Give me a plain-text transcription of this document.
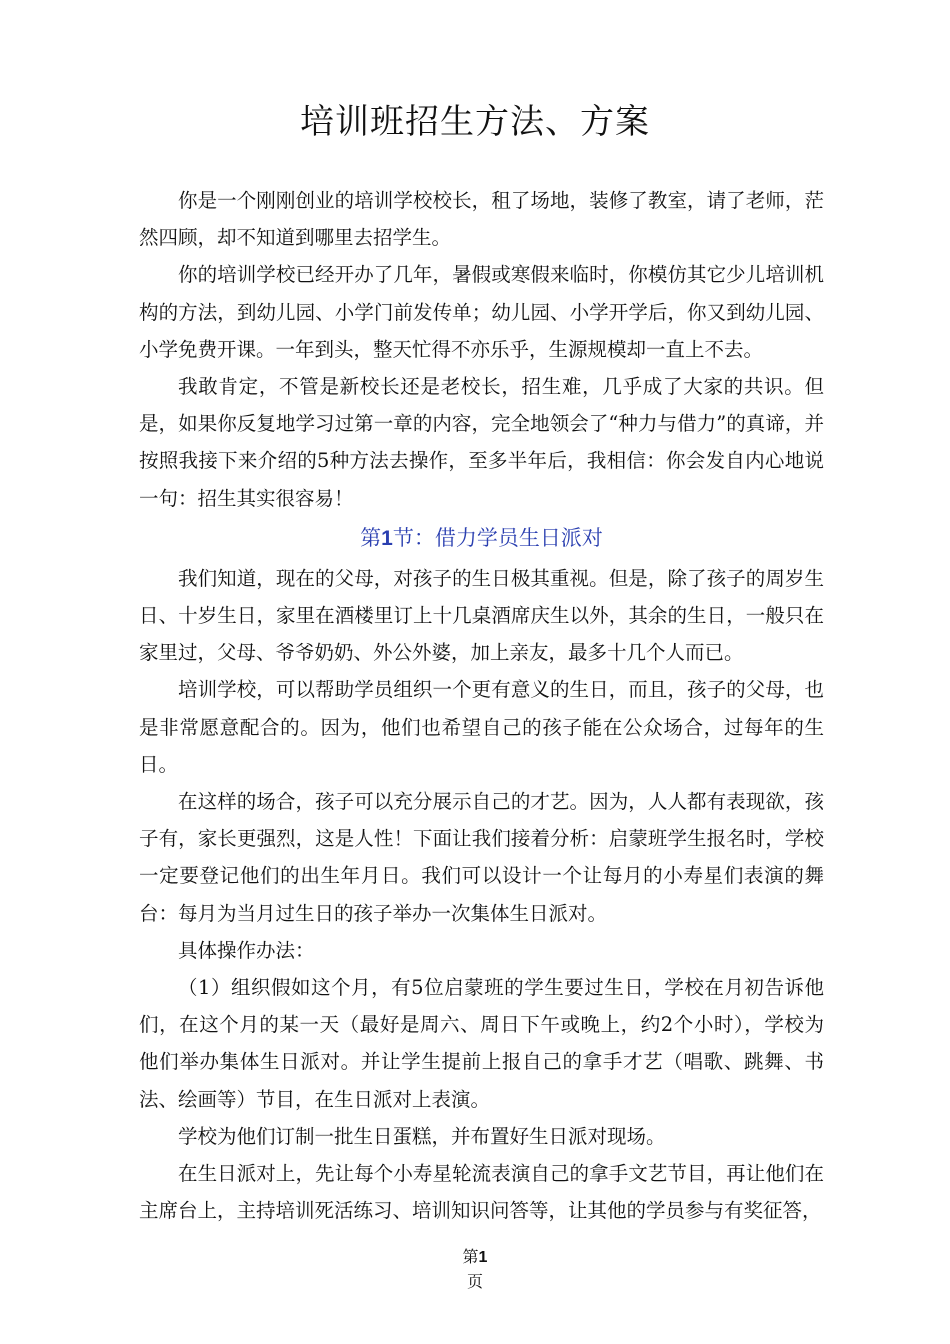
培训班招生方法、方案

你是一个刚刚创业的培训学校校长，租了场地，装修了教室，请了老师，茫然四顾，却不知道到哪里去招学生。

你的培训学校已经开办了几年，暑假或寒假来临时，你模仿其它少儿培训机构的方法，到幼儿园、小学门前发传单；幼儿园、小学开学后，你又到幼儿园、小学免费开课。一年到头，整天忙得不亦乐乎，生源规模却一直上不去。

我敢肯定，不管是新校长还是老校长，招生难，几乎成了大家的共识。但是，如果你反复地学习过第一章的内容，完全地领会了“种力与借力”的真谛，并按照我接下来介绍的5种方法去操作，至多半年后，我相信：你会发自内心地说一句：招生其实很容易！

第1节：借力学员生日派对

我们知道，现在的父母，对孩子的生日极其重视。但是，除了孩子的周岁生日、十岁生日，家里在酒楼里订上十几桌酒席庆生以外，其余的生日，一般只在家里过，父母、爷爷奶奶、外公外婆，加上亲友，最多十几个人而已。

培训学校，可以帮助学员组织一个更有意义的生日，而且，孩子的父母，也是非常愿意配合的。因为，他们也希望自己的孩子能在公众场合，过每年的生日。

在这样的场合，孩子可以充分展示自己的才艺。因为，人人都有表现欲，孩子有，家长更强烈，这是人性！下面让我们接着分析：启蒙班学生报名时，学校一定要登记他们的出生年月日。我们可以设计一个让每月的小寿星们表演的舞台：每月为当月过生日的孩子举办一次集体生日派对。

具体操作办法：

（1）组织假如这个月，有5位启蒙班的学生要过生日，学校在月初告诉他们，在这个月的某一天（最好是周六、周日下午或晚上，约2个小时），学校为他们举办集体生日派对。并让学生提前上报自己的拿手才艺（唱歌、跳舞、书法、绘画等）节目，在生日派对上表演。

学校为他们订制一批生日蛋糕，并布置好生日派对现场。

在生日派对上，先让每个小寿星轮流表演自己的拿手文艺节目，再让他们在主席台上，主持培训死活练习、培训知识问答等，让其他的学员参与有奖征答，

第1
页
